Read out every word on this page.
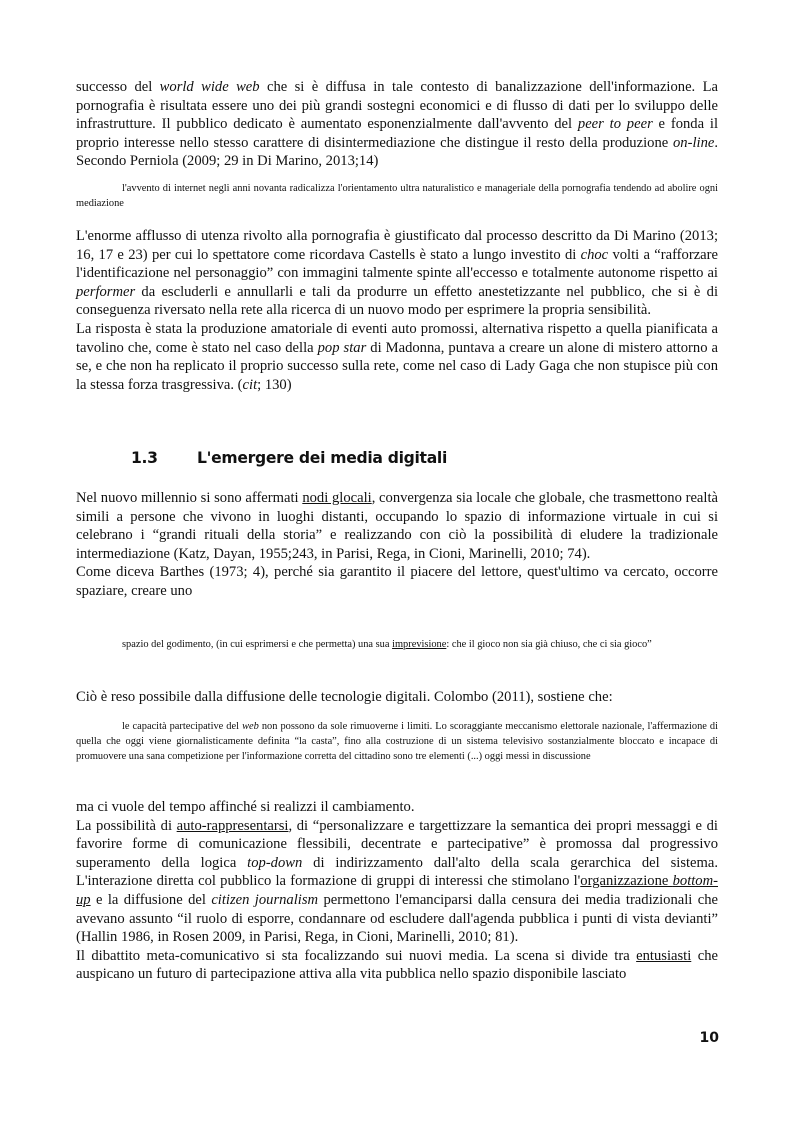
successo del world wide web che si è diffusa in tale contesto di banalizzazione dell'informazione. La pornografia è risultata essere uno dei più grandi sostegni economici e di flusso di dati per lo sviluppo delle infrastrutture. Il pubblico dedicato è aumentato esponenzialmente dall'avvento del peer to peer e fonda il proprio interesse nello stesso carattere di disintermediazione che distingue il resto della produzione on-line. Secondo Perniola (2009; 29 in Di Marino, 2013;14)

l'avvento di internet negli anni novanta radicalizza l'orientamento ultra naturalistico e manageriale della pornografia tendendo ad abolire ogni mediazione

L'enorme afflusso di utenza rivolto alla pornografia è giustificato dal processo descritto da Di Marino (2013; 16, 17 e 23) per cui lo spettatore come ricordava Castells è stato a lungo investito di choc volti a “rafforzare l'identificazione nel personaggio” con immagini talmente spinte all'eccesso e totalmente autonome rispetto ai performer da escluderli e annullarli e tali da produrre un effetto anestetizzante nel pubblico, che si è di conseguenza riversato nella rete alla ricerca di un nuovo modo per esprimere la propria sensibilità.

La risposta è stata la produzione amatoriale di eventi auto promossi, alternativa rispetto a quella pianificata a tavolino che, come è stato nel caso della pop star di Madonna, puntava a creare un alone di mistero attorno a se, e che non ha replicato il proprio successo sulla rete, come nel caso di Lady Gaga che non stupisce più con la stessa forza trasgressiva. (cit; 130)

1.3	L'emergere dei media digitali

Nel nuovo millennio si sono affermati nodi glocali, convergenza sia locale che globale, che trasmettono realtà simili a persone che vivono in luoghi distanti, occupando lo spazio di informazione virtuale in cui si celebrano i “grandi rituali della storia” e realizzando con ciò la possibilità di eludere la tradizionale intermediazione (Katz, Dayan, 1955;243, in Parisi, Rega, in Cioni, Marinelli, 2010; 74).

Come diceva Barthes (1973; 4), perché sia garantito il piacere del lettore, quest'ultimo va cercato, occorre spaziare, creare uno

spazio del godimento, (in cui esprimersi e che permetta) una sua imprevisione: che il gioco non sia già chiuso, che ci sia gioco”

Ciò è reso possibile dalla diffusione delle tecnologie digitali. Colombo (2011), sostiene che:

le capacità partecipative del web non possono da sole rimuoverne i limiti. Lo scoraggiante meccanismo elettorale nazionale, l'affermazione di quella che oggi viene giornalisticamente definita “la casta”, fino alla costruzione di un sistema televisivo sostanzialmente bloccato e incapace di promuovere una sana competizione per l'informazione corretta del cittadino sono tre elementi (...) oggi messi in discussione

ma ci vuole del tempo affinché si realizzi il cambiamento.

La possibilità di auto-rappresentarsi, di “personalizzare e targettizzare la semantica dei propri messaggi e di favorire forme di comunicazione flessibili, decentrate e partecipative” è promossa dal progressivo superamento della logica top-down di indirizzamento dall'alto della scala gerarchica del sistema. L'interazione diretta col pubblico la formazione di gruppi di interessi che stimolano l'organizzazione bottom-up e la diffusione del citizen journalism permettono l'emanciparsi dalla censura dei media tradizionali che avevano assunto “il ruolo di esporre, condannare od escludere dall'agenda pubblica i punti di vista devianti” (Hallin 1986, in Rosen 2009, in Parisi, Rega, in Cioni, Marinelli, 2010; 81).

Il dibattito meta-comunicativo si sta focalizzando sui nuovi media. La scena si divide tra entusiasti che auspicano un futuro di partecipazione attiva alla vita pubblica nello spazio disponibile lasciato

10
